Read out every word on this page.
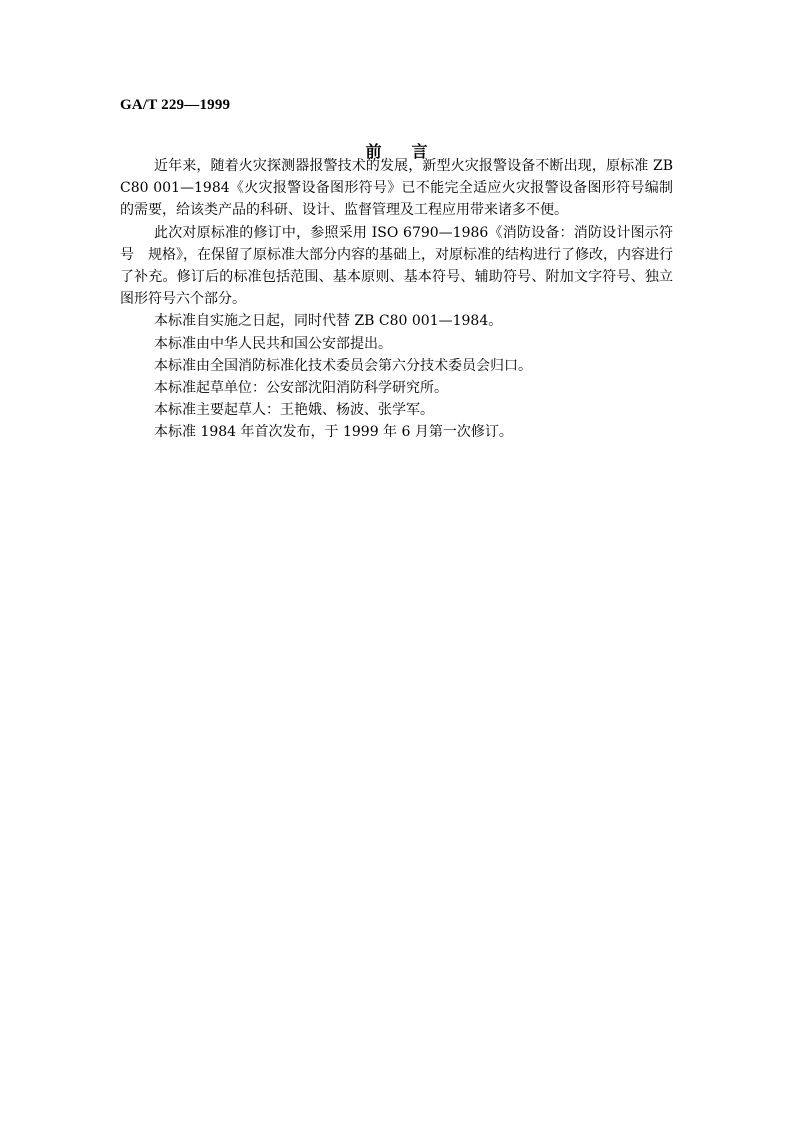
GA/T 229—1999
前言

近年来，随着火灾探测器报警技术的发展，新型火灾报警设备不断出现，原标准 ZB C80 001—1984《火灾报警设备图形符号》已不能完全适应火灾报警设备图形符号编制的需要，给该类产品的科研、设计、监督管理及工程应用带来诸多不便。

此次对原标准的修订中，参照采用 ISO 6790—1986《消防设备：消防设计图示符号　规格》，在保留了原标准大部分内容的基础上，对原标准的结构进行了修改，内容进行了补充。修订后的标准包括范围、基本原则、基本符号、辅助符号、附加文字符号、独立图形符号六个部分。

本标准自实施之日起，同时代替 ZB C80 001—1984。

本标准由中华人民共和国公安部提出。

本标准由全国消防标准化技术委员会第六分技术委员会归口。

本标准起草单位：公安部沈阳消防科学研究所。

本标准主要起草人：王艳娥、杨波、张学军。

本标准 1984 年首次发布，于 1999 年 6 月第一次修订。
